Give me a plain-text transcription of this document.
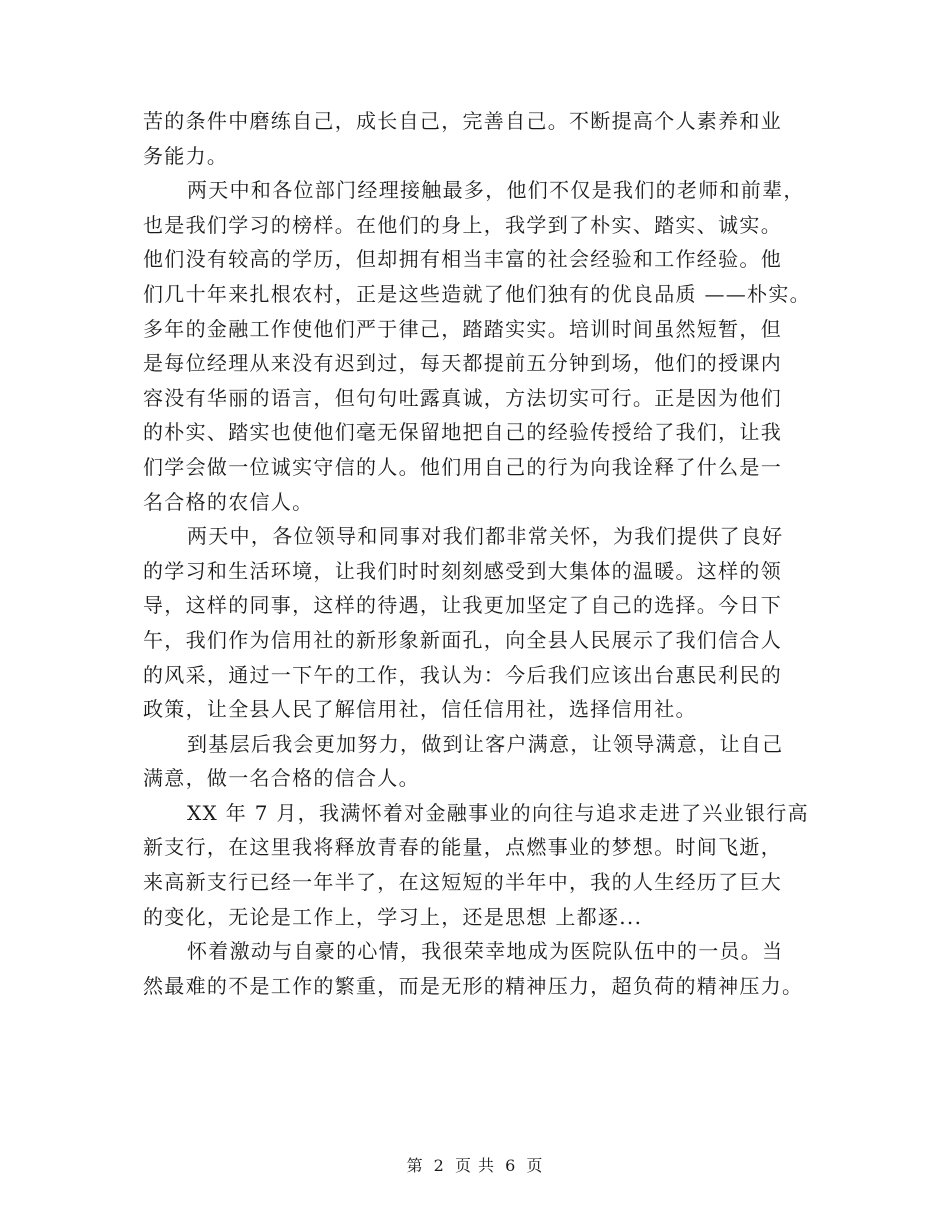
苦的条件中磨练自己，成长自己，完善自己。不断提高个人素养和业

务能力。

两天中和各位部门经理接触最多，他们不仅是我们的老师和前辈，

也是我们学习的榜样。在他们的身上，我学到了朴实、踏实、诚实。

他们没有较高的学历，但却拥有相当丰富的社会经验和工作经验。他

们几十年来扎根农村，正是这些造就了他们独有的优良品质 ——朴实。

多年的金融工作使他们严于律己，踏踏实实。培训时间虽然短暂，但

是每位经理从来没有迟到过，每天都提前五分钟到场，他们的授课内

容没有华丽的语言，但句句吐露真诚，方法切实可行。正是因为他们

的朴实、踏实也使他们毫无保留地把自己的经验传授给了我们，让我

们学会做一位诚实守信的人。他们用自己的行为向我诠释了什么是一

名合格的农信人。

两天中，各位领导和同事对我们都非常关怀，为我们提供了良好

的学习和生活环境，让我们时时刻刻感受到大集体的温暖。这样的领

导，这样的同事，这样的待遇，让我更加坚定了自己的选择。今日下

午，我们作为信用社的新形象新面孔，向全县人民展示了我们信合人

的风采，通过一下午的工作，我认为：今后我们应该出台惠民利民的

政策，让全县人民了解信用社，信任信用社，选择信用社。

到基层后我会更加努力，做到让客户满意，让领导满意，让自己

满意，做一名合格的信合人。

XX 年 7 月，我满怀着对金融事业的向往与追求走进了兴业银行高

新支行，在这里我将释放青春的能量，点燃事业的梦想。时间飞逝，

来高新支行已经一年半了，在这短短的半年中，我的人生经历了巨大

的变化，无论是工作上，学习上，还是思想 上都逐...

怀着激动与自豪的心情，我很荣幸地成为医院队伍中的一员。当

然最难的不是工作的繁重，而是无形的精神压力，超负荷的精神压力。

第 2 页 共 6 页
